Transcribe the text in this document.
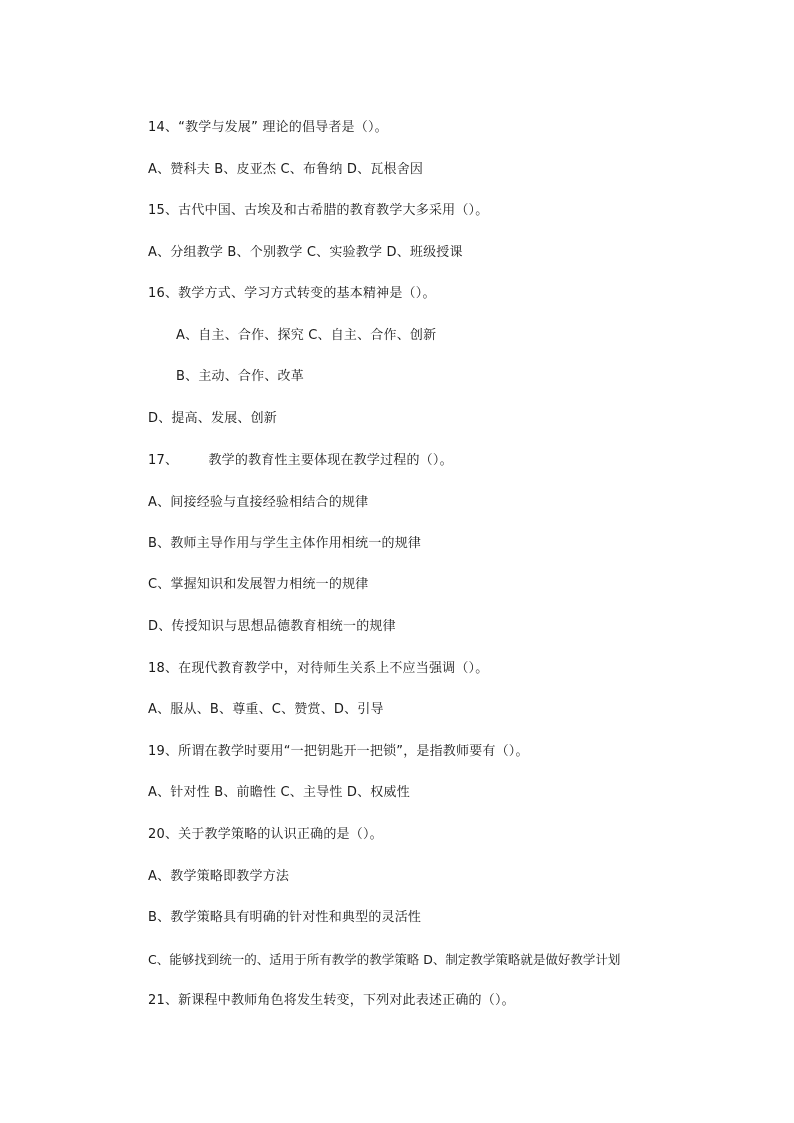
14、“教学与发展” 理论的倡导者是（）。
A、赞科夫 B、皮亚杰 C、布鲁纳 D、瓦根舍因
15、古代中国、古埃及和古希腊的教育教学大多采用（）。
A、分组教学 B、个别教学 C、实验教学 D、班级授课
16、教学方式、学习方式转变的基本精神是（）。
A、自主、合作、探究 C、自主、合作、创新
B、主动、合作、改革
D、提高、发展、创新
17、       教学的教育性主要体现在教学过程的（）。
A、间接经验与直接经验相结合的规律
B、教师主导作用与学生主体作用相统一的规律
C、掌握知识和发展智力相统一的规律
D、传授知识与思想品德教育相统一的规律
18、在现代教育教学中，对待师生关系上不应当强调（）。
A、服从、B、尊重、C、赞赏、D、引导
19、所谓在教学时要用“一把钥匙开一把锁”，是指教师要有（）。
A、针对性 B、前瞻性 C、主导性 D、权威性
20、关于教学策略的认识正确的是（）。
A、教学策略即教学方法
B、教学策略具有明确的针对性和典型的灵活性
C、能够找到统一的、适用于所有教学的教学策略 D、制定教学策略就是做好教学计划
21、新课程中教师角色将发生转变，下列对此表述正确的（）。
